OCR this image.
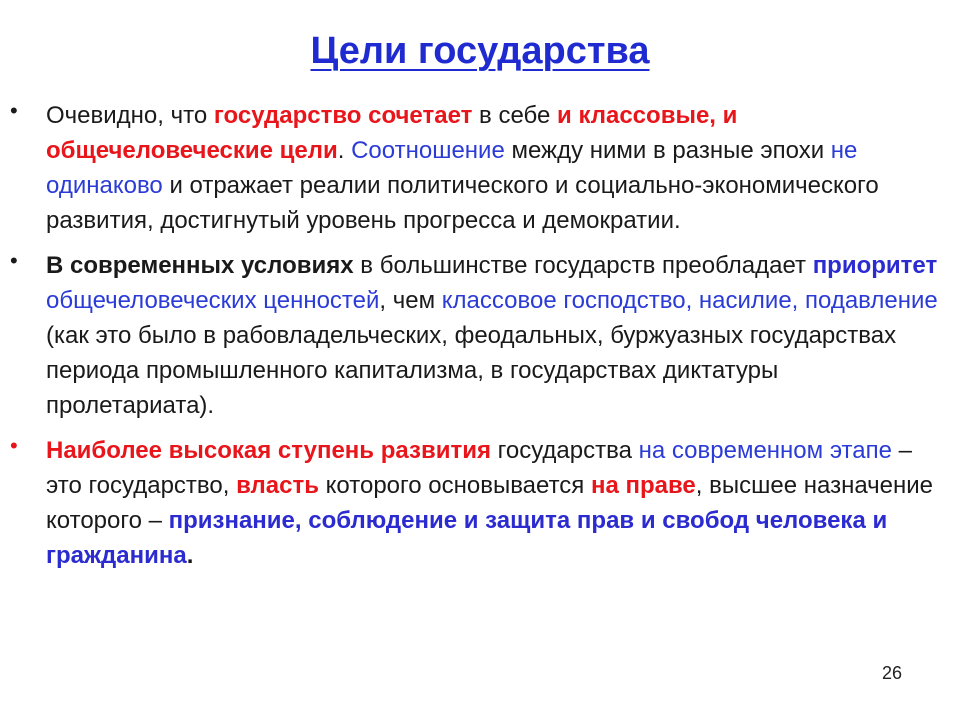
Цели государства
• Очевидно, что государство сочетает в себе и классовые, и общечеловеческие цели. Соотношение между ними в разные эпохи не одинаково и отражает реалии политического и социально-экономического развития, достигнутый уровень прогресса и демократии.
• В современных условиях в большинстве государств преобладает приоритет общечеловеческих ценностей, чем классовое господство, насилие, подавление (как это было в рабовладельческих, феодальных, буржуазных государствах периода промышленного капитализма, в государствах диктатуры пролетариата).
• Наиболее высокая ступень развития государства на современном этапе – это государство, власть которого основывается на праве, высшее назначение которого – признание, соблюдение и защита прав и свобод человека и гражданина.
26
